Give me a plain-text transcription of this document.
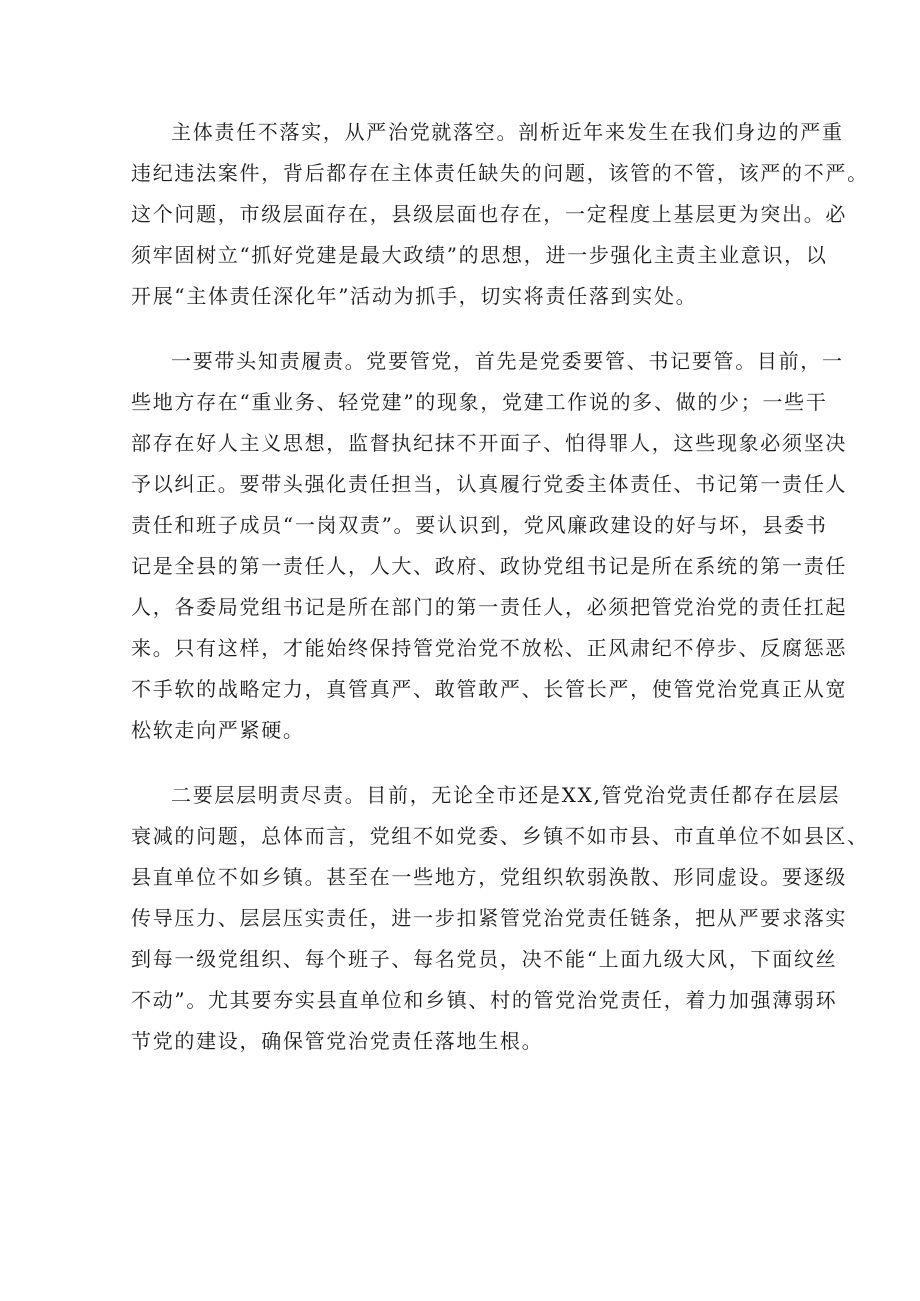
主体责任不落实，从严治党就落空。剖析近年来发生在我们身边的严重
违纪违法案件，背后都存在主体责任缺失的问题，该管的不管，该严的不严。
这个问题，市级层面存在，县级层面也存在，一定程度上基层更为突出。必
须牢固树立“抓好党建是最大政绩”的思想，进一步强化主责主业意识，以
开展“主体责任深化年”活动为抓手，切实将责任落到实处。

一要带头知责履责。党要管党，首先是党委要管、书记要管。目前，一
些地方存在“重业务、轻党建”的现象，党建工作说的多、做的少；一些干
部存在好人主义思想，监督执纪抹不开面子、怕得罪人，这些现象必须坚决
予以纠正。要带头强化责任担当，认真履行党委主体责任、书记第一责任人
责任和班子成员“一岗双责”。要认识到，党风廉政建设的好与坏，县委书
记是全县的第一责任人，人大、政府、政协党组书记是所在系统的第一责任
人，各委局党组书记是所在部门的第一责任人，必须把管党治党的责任扛起
来。只有这样，才能始终保持管党治党不放松、正风肃纪不停步、反腐惩恶
不手软的战略定力，真管真严、敢管敢严、长管长严，使管党治党真正从宽
松软走向严紧硬。

二要层层明责尽责。目前，无论全市还是XX,管党治党责任都存在层层
衰减的问题，总体而言，党组不如党委、乡镇不如市县、市直单位不如县区、
县直单位不如乡镇。甚至在一些地方，党组织软弱涣散、形同虚设。要逐级
传导压力、层层压实责任，进一步扣紧管党治党责任链条，把从严要求落实
到每一级党组织、每个班子、每名党员，决不能“上面九级大风，下面纹丝
不动”。尤其要夯实县直单位和乡镇、村的管党治党责任，着力加强薄弱环
节党的建设，确保管党治党责任落地生根。
